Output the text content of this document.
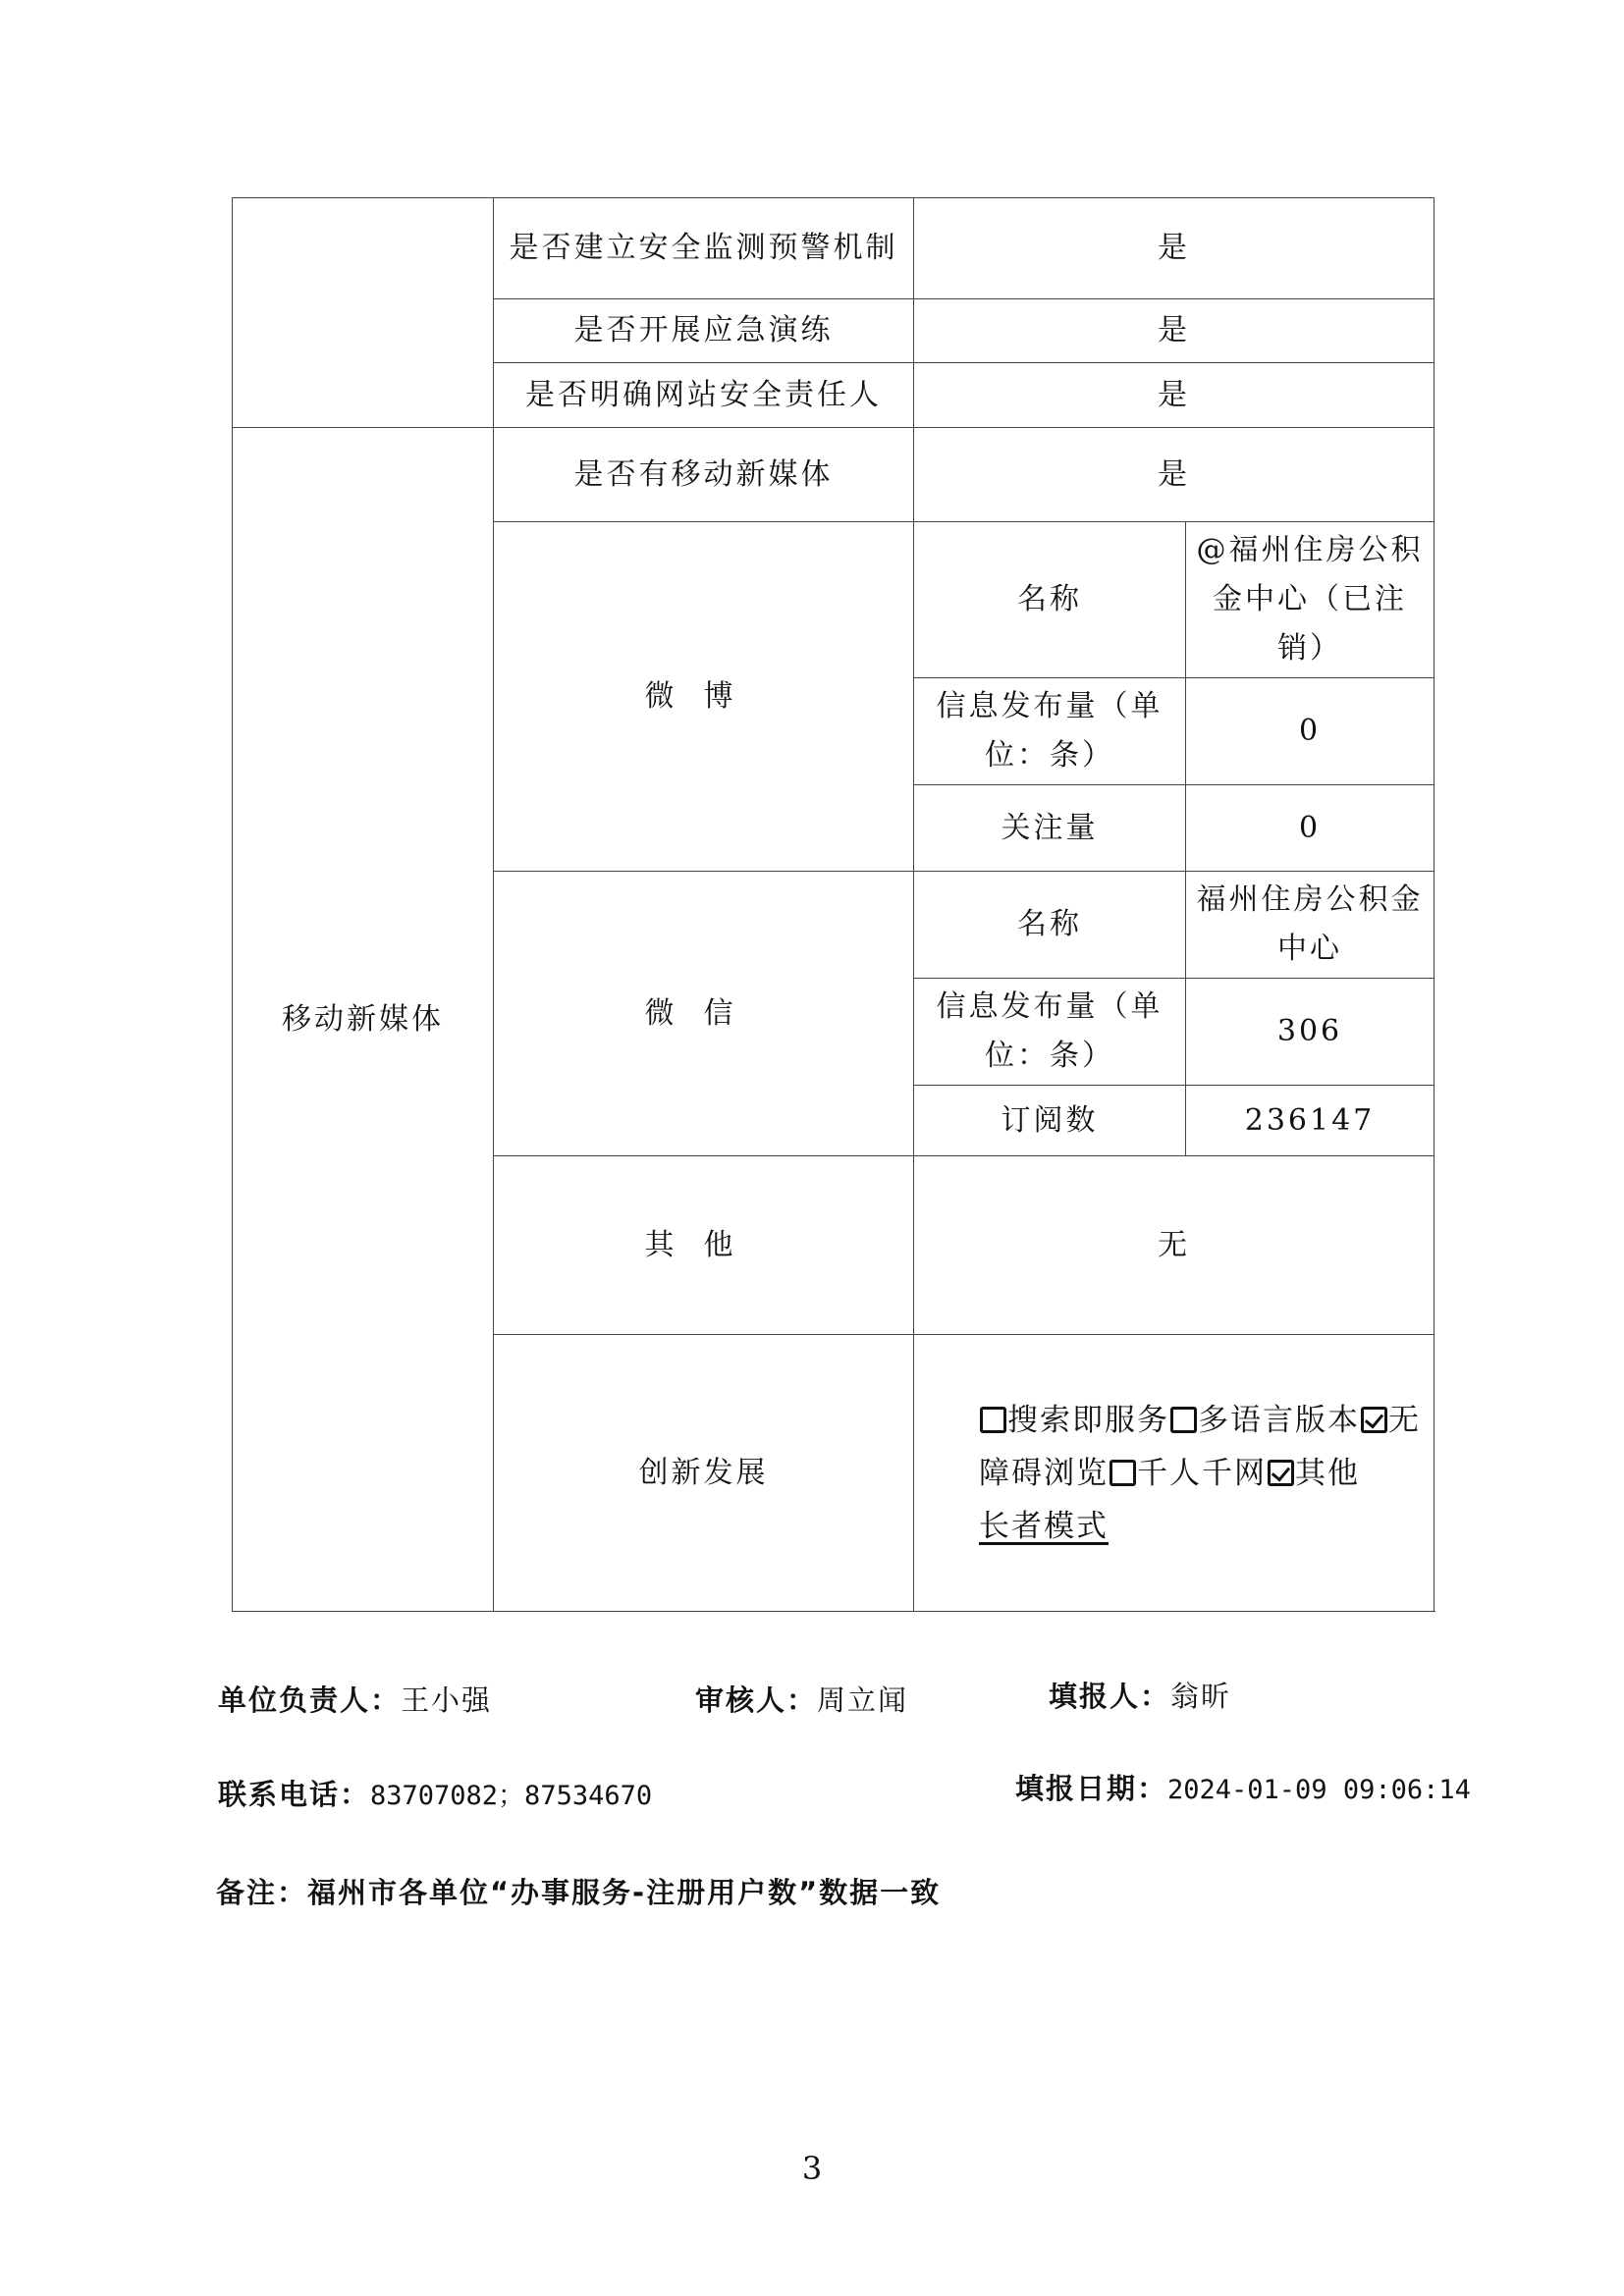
	是否建立安全监测预警机制	是	
	是否开展应急演练	是	
	是否明确网站安全责任人	是	
移动新媒体	是否有移动新媒体	是	
	微博	名称	@福州住房公积金中心（已注销）
		信息发布量（单位：条）	0
		关注量	0
	微信	名称	福州住房公积金中心
		信息发布量（单位：条）	306
		订阅数	236147
	其他	无	
	创新发展	搜索即服务 多语言版本 无障碍浏览 千人千网 其他
长者模式	
单位负责人：王小强	审核人：周立闻	填报人：翁昕
联系电话：83707082；87534670	填报日期：2024-01-09 09:06:14
备注：福州市各单位“办事服务-注册用户数”数据一致
3
